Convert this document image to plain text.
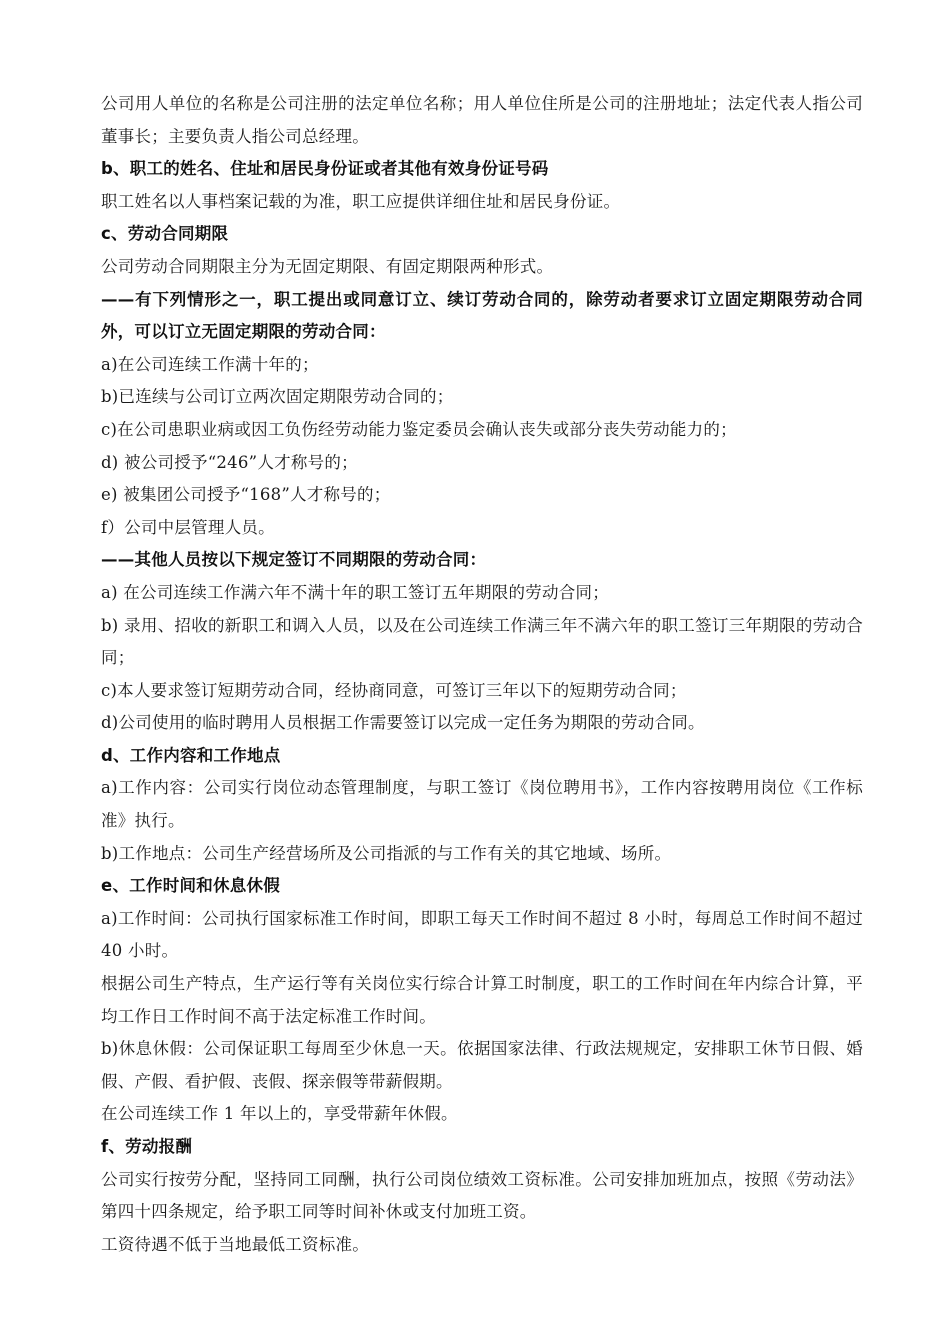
公司用人单位的名称是公司注册的法定单位名称；用人单位住所是公司的注册地址；法定代表人指公司董事长；主要负责人指公司总经理。

b、职工的姓名、住址和居民身份证或者其他有效身份证号码

职工姓名以人事档案记载的为准，职工应提供详细住址和居民身份证。

c、劳动合同期限

公司劳动合同期限主分为无固定期限、有固定期限两种形式。

——有下列情形之一，职工提出或同意订立、续订劳动合同的，除劳动者要求订立固定期限劳动合同外，可以订立无固定期限的劳动合同：

a)在公司连续工作满十年的；

b)已连续与公司订立两次固定期限劳动合同的；

c)在公司患职业病或因工负伤经劳动能力鉴定委员会确认丧失或部分丧失劳动能力的；

d) 被公司授予“246”人才称号的；

e) 被集团公司授予“168”人才称号的；

f）公司中层管理人员。

——其他人员按以下规定签订不同期限的劳动合同：

a) 在公司连续工作满六年不满十年的职工签订五年期限的劳动合同；

b) 录用、招收的新职工和调入人员，以及在公司连续工作满三年不满六年的职工签订三年期限的劳动合同；

c)本人要求签订短期劳动合同，经协商同意，可签订三年以下的短期劳动合同；

d)公司使用的临时聘用人员根据工作需要签订以完成一定任务为期限的劳动合同。

d、工作内容和工作地点

a)工作内容：公司实行岗位动态管理制度，与职工签订《岗位聘用书》，工作内容按聘用岗位《工作标准》执行。

b)工作地点：公司生产经营场所及公司指派的与工作有关的其它地域、场所。

e、工作时间和休息休假

a)工作时间：公司执行国家标准工作时间，即职工每天工作时间不超过 8 小时，每周总工作时间不超过 40 小时。

根据公司生产特点，生产运行等有关岗位实行综合计算工时制度，职工的工作时间在年内综合计算，平均工作日工作时间不高于法定标准工作时间。

b)休息休假：公司保证职工每周至少休息一天。依据国家法律、行政法规规定，安排职工休节日假、婚假、产假、看护假、丧假、探亲假等带薪假期。

在公司连续工作 1 年以上的，享受带薪年休假。

f、劳动报酬

公司实行按劳分配，坚持同工同酬，执行公司岗位绩效工资标准。公司安排加班加点，按照《劳动法》第四十四条规定，给予职工同等时间补休或支付加班工资。

工资待遇不低于当地最低工资标准。
